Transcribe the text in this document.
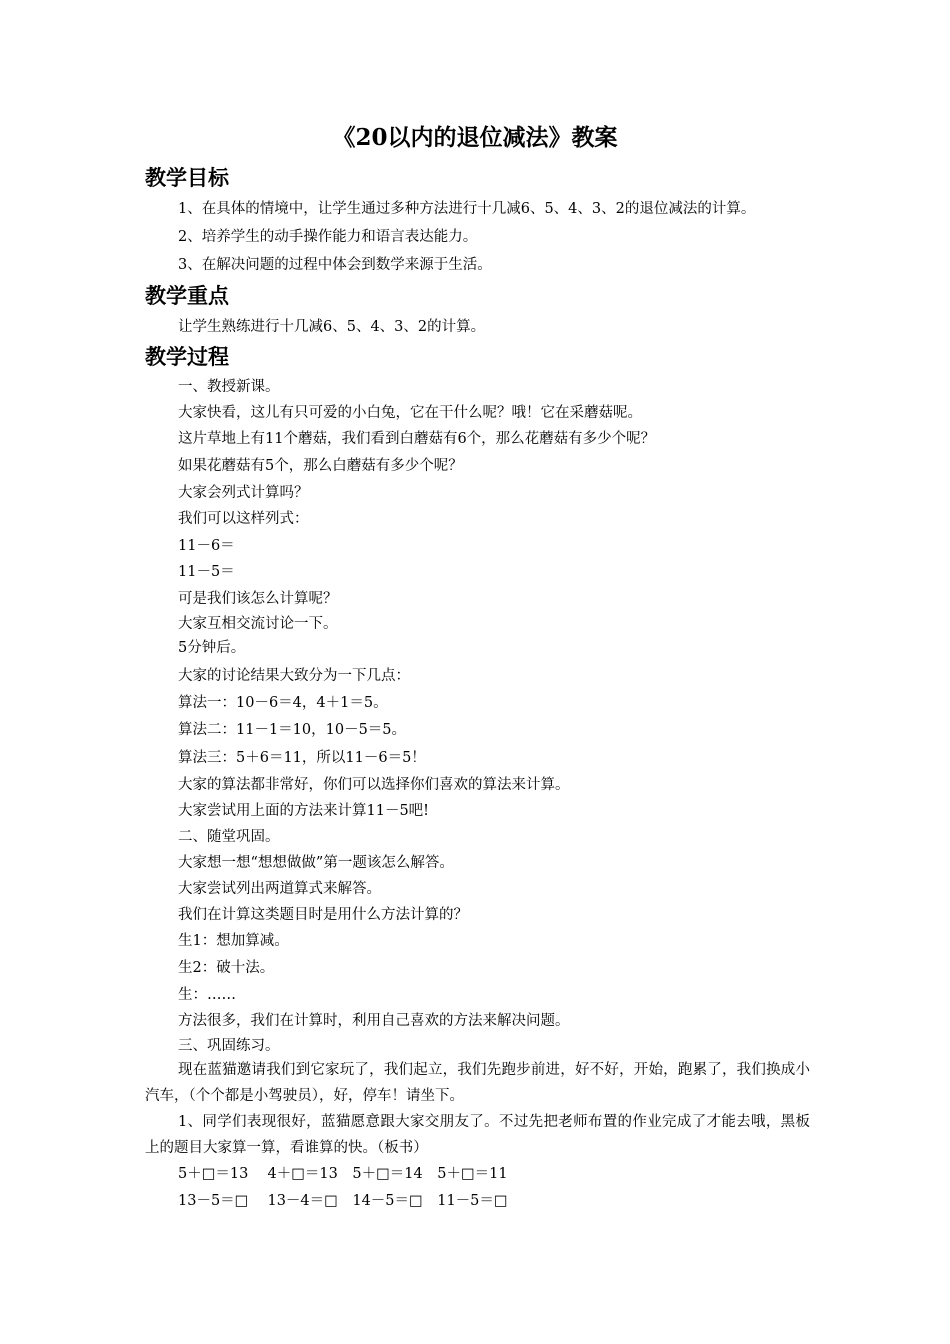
《20以内的退位减法》教案
教学目标
1、在具体的情境中，让学生通过多种方法进行十几减6、5、4、3、2的退位减法的计算。
2、培养学生的动手操作能力和语言表达能力。
3、在解决问题的过程中体会到数学来源于生活。
教学重点
让学生熟练进行十几减6、5、4、3、2的计算。
教学过程
一、教授新课。
大家快看，这儿有只可爱的小白兔，它在干什么呢？哦！它在采蘑菇呢。
这片草地上有11个蘑菇，我们看到白蘑菇有6个，那么花蘑菇有多少个呢？
如果花蘑菇有5个，那么白蘑菇有多少个呢？
大家会列式计算吗？
我们可以这样列式：
11－6＝
11－5＝
可是我们该怎么计算呢？
大家互相交流讨论一下。
5分钟后。
大家的讨论结果大致分为一下几点：
算法一：10－6＝4，4＋1＝5。
算法二：11－1＝10，10－5＝5。
算法三：5＋6＝11，所以11－6＝5！
大家的算法都非常好，你们可以选择你们喜欢的算法来计算。
大家尝试用上面的方法来计算11－5吧!
二、随堂巩固。
大家想一想“想想做做”第一题该怎么解答。
大家尝试列出两道算式来解答。
我们在计算这类题目时是用什么方法计算的？
生1：想加算减。
生2：破十法。
生：……
方法很多，我们在计算时，利用自己喜欢的方法来解决问题。
三、巩固练习。
现在蓝猫邀请我们到它家玩了，我们起立，我们先跑步前进，好不好，开始，跑累了，我们换成小汽车，（个个都是小驾驶员），好，停车！请坐下。
1、同学们表现很好，蓝猫愿意跟大家交朋友了。不过先把老师布置的作业完成了才能去哦，黑板上的题目大家算一算，看谁算的快。（板书）
5＋□＝13　 4＋□＝13　5＋□＝14　5＋□＝11
13－5＝□　 13－4＝□　14－5＝□　11－5＝□
